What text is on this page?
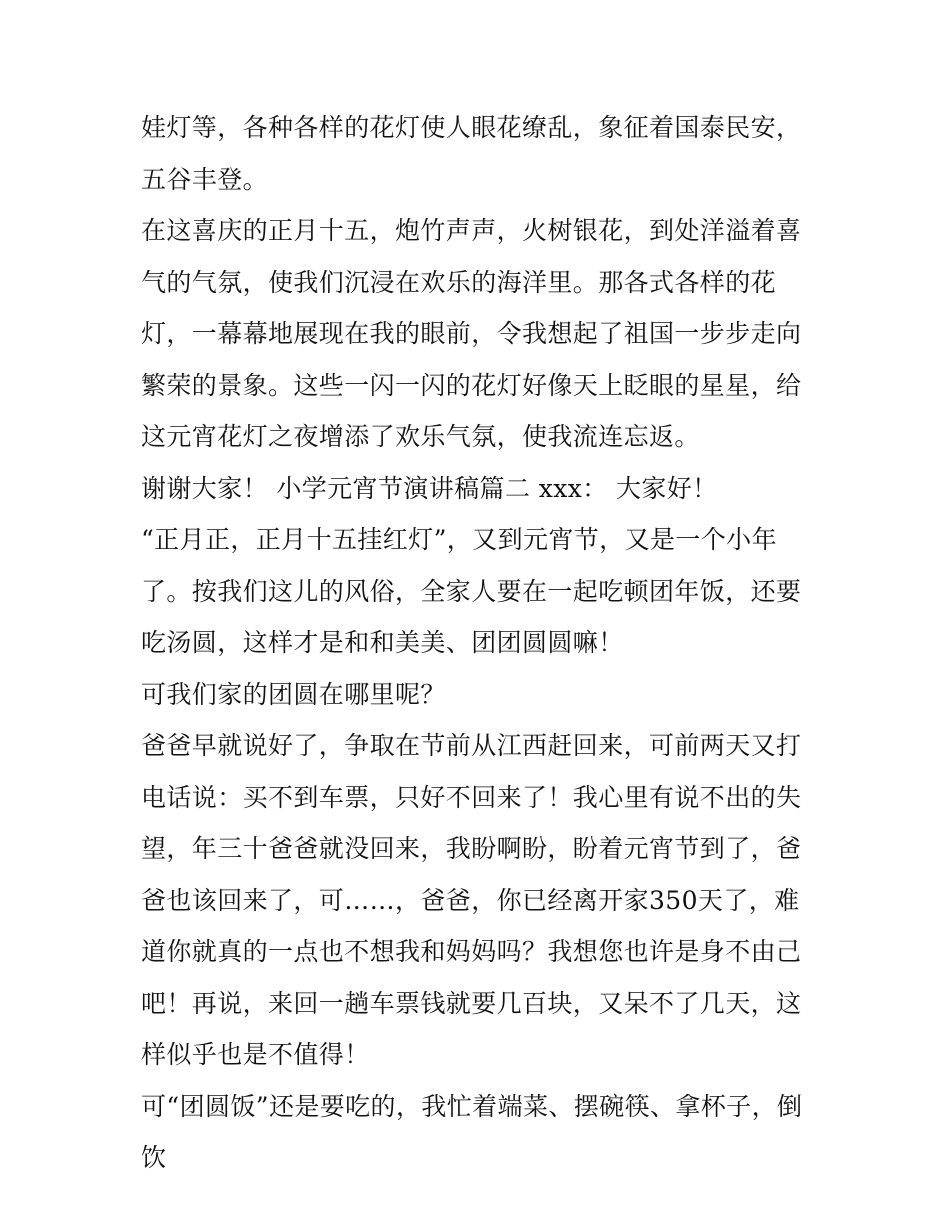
娃灯等，各种各样的花灯使人眼花缭乱，象征着国泰民安，五谷丰登。

在这喜庆的正月十五，炮竹声声，火树银花，到处洋溢着喜气的气氛，使我们沉浸在欢乐的海洋里。那各式各样的花灯，一幕幕地展现在我的眼前，令我想起了祖国一步步走向繁荣的景象。这些一闪一闪的花灯好像天上眨眼的星星，给这元宵花灯之夜增添了欢乐气氛，使我流连忘返。

谢谢大家！ 小学元宵节演讲稿篇二 xxx： 大家好！

“正月正，正月十五挂红灯”，又到元宵节，又是一个小年了。按我们这儿的风俗，全家人要在一起吃顿团年饭，还要吃汤圆，这样才是和和美美、团团圆圆嘛！

可我们家的团圆在哪里呢？

爸爸早就说好了，争取在节前从江西赶回来，可前两天又打电话说：买不到车票，只好不回来了！我心里有说不出的失望，年三十爸爸就没回来，我盼啊盼，盼着元宵节到了，爸爸也该回来了，可……，爸爸，你已经离开家350天了，难道你就真的一点也不想我和妈妈吗？我想您也许是身不由己吧！再说，来回一趟车票钱就要几百块，又呆不了几天，这样似乎也是不值得！

可“团圆饭”还是要吃的，我忙着端菜、摆碗筷、拿杯子，倒饮
